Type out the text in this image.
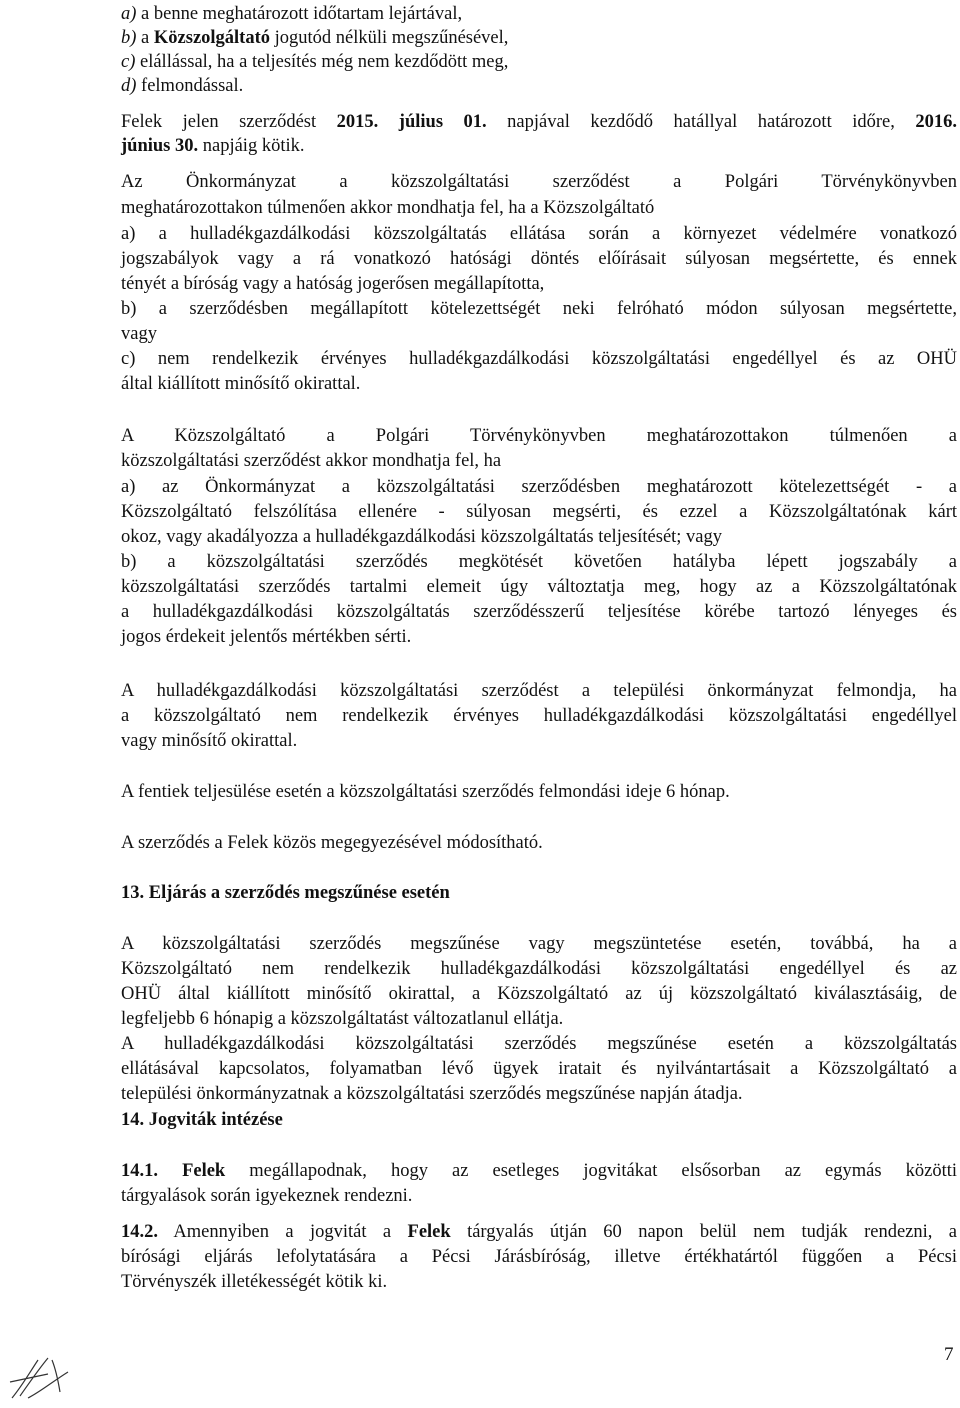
a) a benne meghatározott időtartam lejártával,
b) a Közszolgáltató jogutód nélküli megszűnésével,
c) elállással, ha a teljesítés még nem kezdődött meg,
d) felmondással.
Felek jelen szerződést 2015. július 01. napjával kezdődő hatállyal határozott időre, 2016.
június 30. napjáig kötik.
Az Önkormányzat a közszolgáltatási szerződést a Polgári Törvénykönyvben
meghatározottakon túlmenően akkor mondhatja fel, ha a Közszolgáltató
a) a hulladékgazdálkodási közszolgáltatás ellátása során a környezet védelmére vonatkozó
jogszabályok vagy a rá vonatkozó hatósági döntés előírásait súlyosan megsértette, és ennek
tényét a bíróság vagy a hatóság jogerősen megállapította,
b) a szerződésben megállapított kötelezettségét neki felróható módon súlyosan megsértette,
vagy
c) nem rendelkezik érvényes hulladékgazdálkodási közszolgáltatási engedéllyel és az OHÜ
által kiállított minősítő okirattal.
A Közszolgáltató a Polgári Törvénykönyvben meghatározottakon túlmenően a
közszolgáltatási szerződést akkor mondhatja fel, ha
a) az Önkormányzat a közszolgáltatási szerződésben meghatározott kötelezettségét - a
Közszolgáltató felszólítása ellenére - súlyosan megsérti, és ezzel a Közszolgáltatónak kárt
okoz, vagy akadályozza a hulladékgazdálkodási közszolgáltatás teljesítését; vagy
b) a közszolgáltatási szerződés megkötését követően hatályba lépett jogszabály a
közszolgáltatási szerződés tartalmi elemeit úgy változtatja meg, hogy az a Közszolgáltatónak
a hulladékgazdálkodási közszolgáltatás szerződésszerű teljesítése körébe tartozó lényeges és
jogos érdekeit jelentős mértékben sérti.
A hulladékgazdálkodási közszolgáltatási szerződést a települési önkormányzat felmondja, ha
a közszolgáltató nem rendelkezik érvényes hulladékgazdálkodási közszolgáltatási engedéllyel
vagy minősítő okirattal.
A fentiek teljesülése esetén a közszolgáltatási szerződés felmondási ideje 6 hónap.
A szerződés a Felek közös megegyezésével módosítható.
13. Eljárás a szerződés megszűnése esetén
A közszolgáltatási szerződés megszűnése vagy megszüntetése esetén, továbbá, ha a
Közszolgáltató nem rendelkezik hulladékgazdálkodási közszolgáltatási engedéllyel és az
OHÜ által kiállított minősítő okirattal, a Közszolgáltató az új közszolgáltató kiválasztásáig, de
legfeljebb 6 hónapig a közszolgáltatást változatlanul ellátja.
A hulladékgazdálkodási közszolgáltatási szerződés megszűnése esetén a közszolgáltatás
ellátásával kapcsolatos, folyamatban lévő ügyek iratait és nyilvántartásait a Közszolgáltató a
települési önkormányzatnak a közszolgáltatási szerződés megszűnése napján átadja.
14. Jogviták intézése
14.1. Felek megállapodnak, hogy az esetleges jogvitákat elsősorban az egymás közötti
tárgyalások során igyekeznek rendezni.
14.2. Amennyiben a jogvitát a Felek tárgyalás útján 60 napon belül nem tudják rendezni, a
bírósági eljárás lefolytatására a Pécsi Járásbíróság, illetve értékhatártól függően a Pécsi
Törvényszék illetékességét kötik ki.
7
